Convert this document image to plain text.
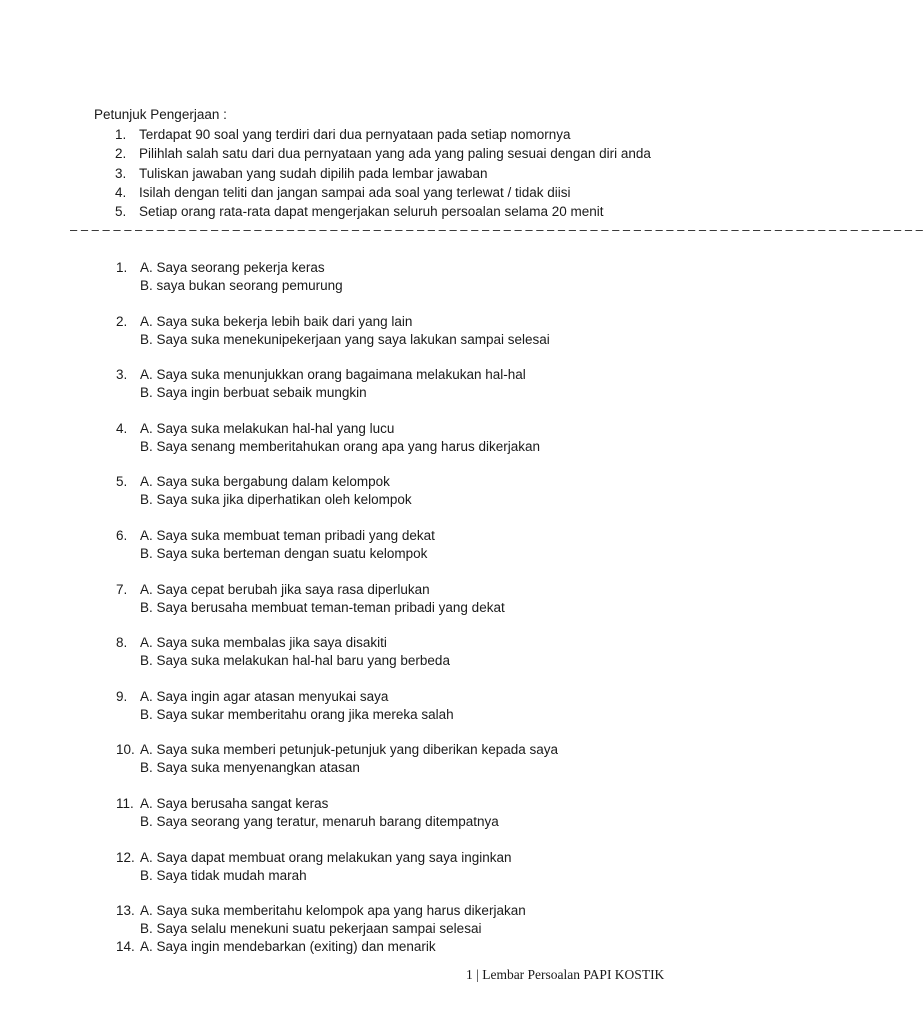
Petunjuk Pengerjaan :
1. Terdapat 90 soal yang terdiri dari dua pernyataan pada setiap nomornya
2. Pilihlah salah satu dari dua pernyataan yang ada yang paling sesuai dengan diri anda
3. Tuliskan jawaban yang sudah dipilih pada lembar jawaban
4. Isilah dengan teliti dan jangan sampai ada soal yang terlewat / tidak diisi
5. Setiap orang rata-rata dapat mengerjakan seluruh persoalan selama 20 menit
– – – – – – – – – – – – – – – – – – – – – – – – – – – – – – – – – – – – – – – – – – – – – – – – – – – – – – – – – – – – – – – – – – – – – – – – – – – – – – –
1. A. Saya seorang pekerja keras
B. saya bukan seorang pemurung
2. A. Saya suka bekerja lebih baik dari yang lain
B. Saya suka menekunipekerjaan yang saya lakukan sampai selesai
3. A. Saya suka menunjukkan orang bagaimana melakukan hal-hal
B. Saya ingin berbuat sebaik mungkin
4. A. Saya suka melakukan hal-hal yang lucu
B. Saya senang memberitahukan orang apa yang harus dikerjakan
5. A. Saya suka bergabung dalam kelompok
B. Saya suka jika diperhatikan oleh kelompok
6. A. Saya suka membuat teman pribadi yang dekat
B. Saya suka berteman dengan suatu kelompok
7. A. Saya cepat berubah jika saya rasa diperlukan
B. Saya berusaha membuat teman-teman pribadi yang dekat
8. A. Saya suka membalas jika saya disakiti
B. Saya suka melakukan hal-hal baru yang berbeda
9. A. Saya ingin agar atasan menyukai saya
B. Saya sukar memberitahu orang jika mereka salah
10. A. Saya suka memberi petunjuk-petunjuk yang diberikan kepada saya
B. Saya suka menyenangkan atasan
11. A. Saya berusaha sangat keras
B. Saya seorang yang teratur, menaruh barang ditempatnya
12. A. Saya dapat membuat orang melakukan yang saya inginkan
B. Saya tidak mudah marah
13. A. Saya suka memberitahu kelompok apa yang harus dikerjakan
B. Saya selalu menekuni suatu pekerjaan sampai selesai
14. A. Saya ingin mendebarkan (exiting) dan menarik
1 | Lembar Persoalan PAPI KOSTIK
